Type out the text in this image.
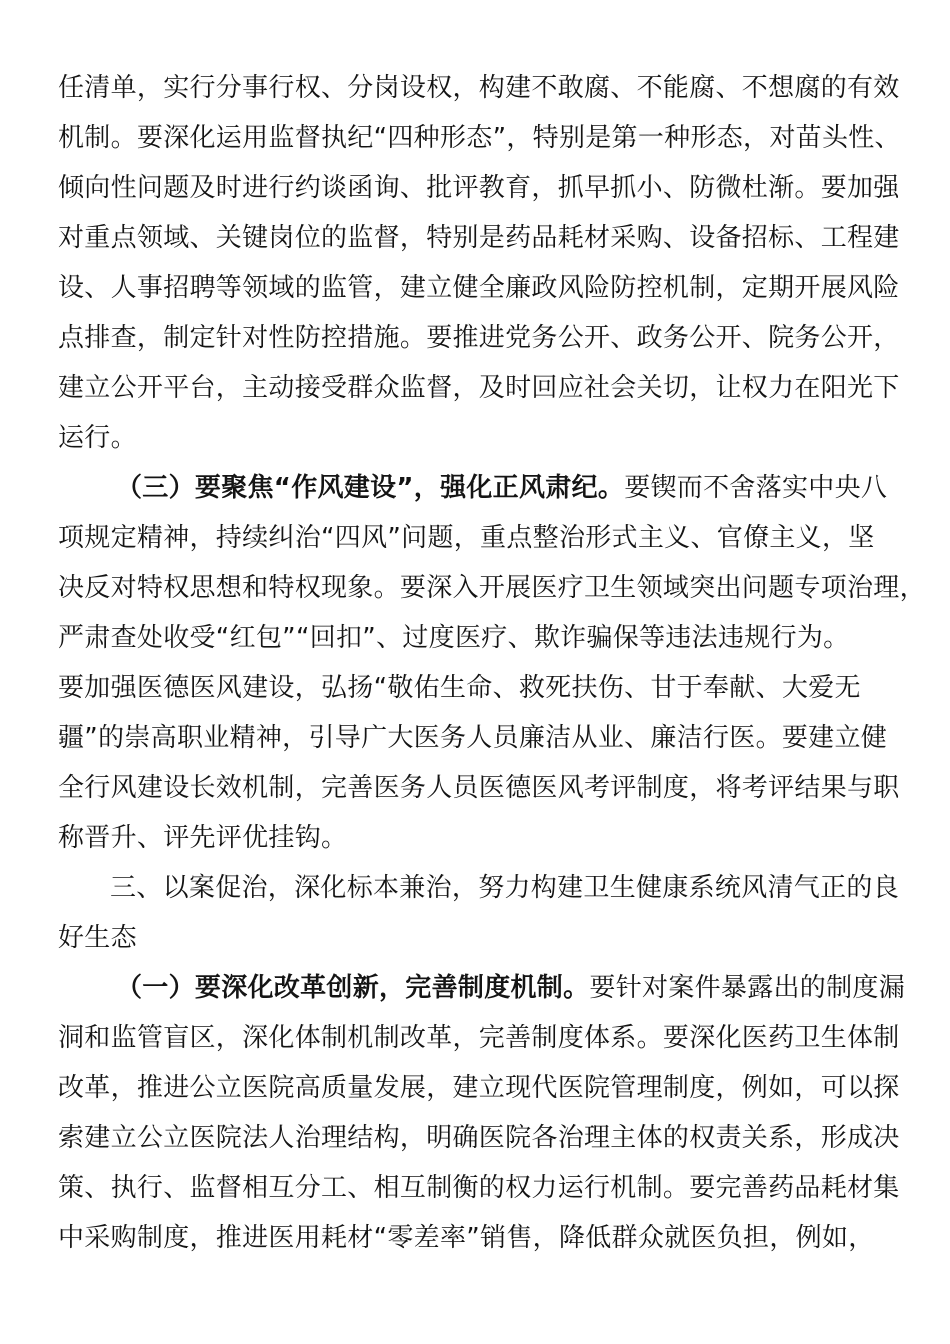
任清单，实行分事行权、分岗设权，构建不敢腐、不能腐、不想腐的有效
机制。要深化运用监督执纪“四种形态”，特别是第一种形态，对苗头性、
倾向性问题及时进行约谈函询、批评教育，抓早抓小、防微杜渐。要加强
对重点领域、关键岗位的监督，特别是药品耗材采购、设备招标、工程建
设、人事招聘等领域的监管，建立健全廉政风险防控机制，定期开展风险
点排查，制定针对性防控措施。要推进党务公开、政务公开、院务公开，
建立公开平台，主动接受群众监督，及时回应社会关切，让权力在阳光下
运行。
（三）要聚焦“作风建设”，强化正风肃纪。要锲而不舍落实中央八
项规定精神，持续纠治“四风”问题，重点整治形式主义、官僚主义，坚
决反对特权思想和特权现象。要深入开展医疗卫生领域突出问题专项治理，
严肃查处收受“红包”“回扣”、过度医疗、欺诈骗保等违法违规行为。
要加强医德医风建设，弘扬“敬佑生命、救死扶伤、甘于奉献、大爱无
疆”的崇高职业精神，引导广大医务人员廉洁从业、廉洁行医。要建立健
全行风建设长效机制，完善医务人员医德医风考评制度，将考评结果与职
称晋升、评先评优挂钩。
三、以案促治，深化标本兼治，努力构建卫生健康系统风清气正的良
好生态
（一）要深化改革创新，完善制度机制。要针对案件暴露出的制度漏
洞和监管盲区，深化体制机制改革，完善制度体系。要深化医药卫生体制
改革，推进公立医院高质量发展，建立现代医院管理制度，例如，可以探
索建立公立医院法人治理结构，明确医院各治理主体的权责关系，形成决
策、执行、监督相互分工、相互制衡的权力运行机制。要完善药品耗材集
中采购制度，推进医用耗材“零差率”销售，降低群众就医负担，例如，
